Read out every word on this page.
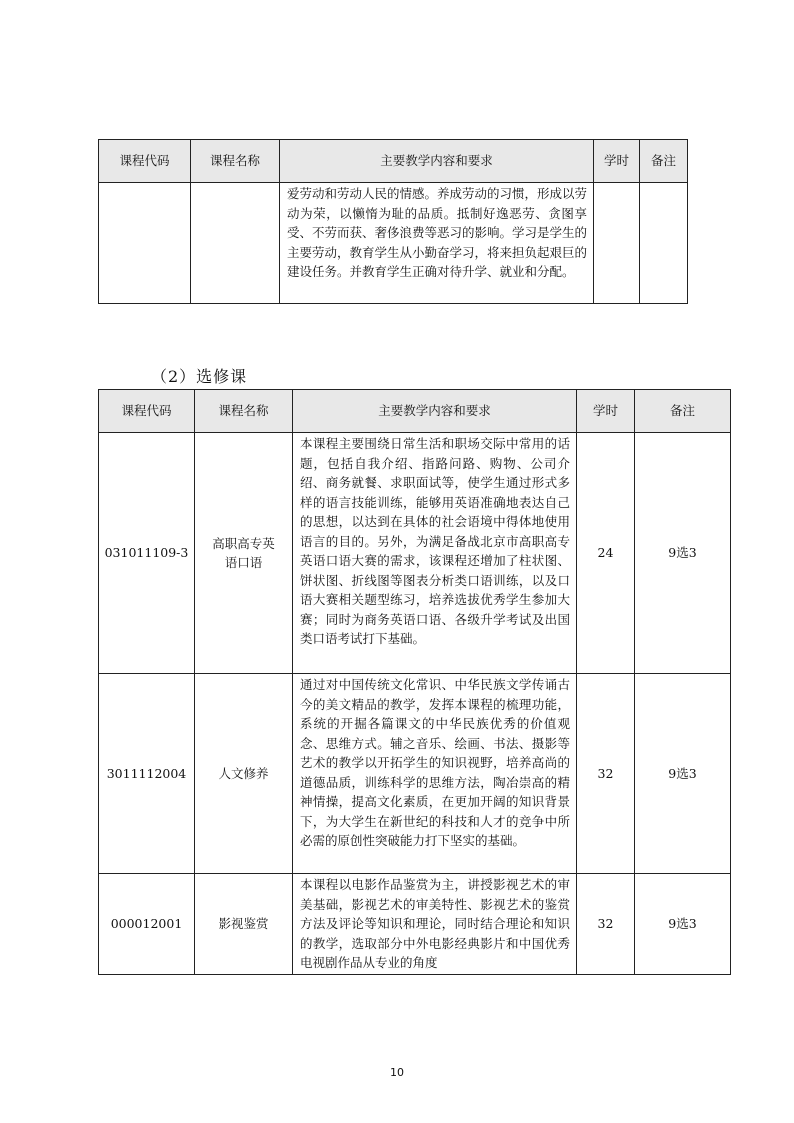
课程代码	课程名称	主要教学内容和要求	学时	备注
		爱劳动和劳动人民的情感。养成劳动的习惯，形成以劳动为荣，以懒惰为耻的品质。抵制好逸恶劳、贪图享受、不劳而获、奢侈浪费等恶习的影响。学习是学生的主要劳动，教育学生从小勤奋学习，将来担负起艰巨的建设任务。并教育学生正确对待升学、就业和分配。		
（2）选修课
课程代码	课程名称	主要教学内容和要求	学时	备注
031011109-3	高职高专英语口语	本课程主要围绕日常生活和职场交际中常用的话题，包括自我介绍、指路问路、购物、公司介绍、商务就餐、求职面试等，使学生通过形式多样的语言技能训练，能够用英语准确地表达自己的思想，以达到在具体的社会语境中得体地使用语言的目的。另外，为满足备战北京市高职高专英语口语大赛的需求，该课程还增加了柱状图、饼状图、折线图等图表分析类口语训练，以及口语大赛相关题型练习，培养选拔优秀学生参加大赛；同时为商务英语口语、各级升学考试及出国类口语考试打下基础。	24	9选3
3011112004	人文修养	通过对中国传统文化常识、中华民族文学传诵古今的美文精品的教学，发挥本课程的梳理功能，系统的开掘各篇课文的中华民族优秀的价值观念、思维方式。辅之音乐、绘画、书法、摄影等艺术的教学以开拓学生的知识视野，培养高尚的道德品质，训练科学的思维方法，陶冶崇高的精神情操，提高文化素质，在更加开阔的知识背景下，为大学生在新世纪的科技和人才的竞争中所必需的原创性突破能力打下坚实的基础。	32	9选3
000012001	影视鉴赏	本课程以电影作品鉴赏为主，讲授影视艺术的审美基础，影视艺术的审美特性、影视艺术的鉴赏方法及评论等知识和理论，同时结合理论和知识的教学，选取部分中外电影经典影片和中国优秀电视剧作品从专业的角度	32	9选3
10
